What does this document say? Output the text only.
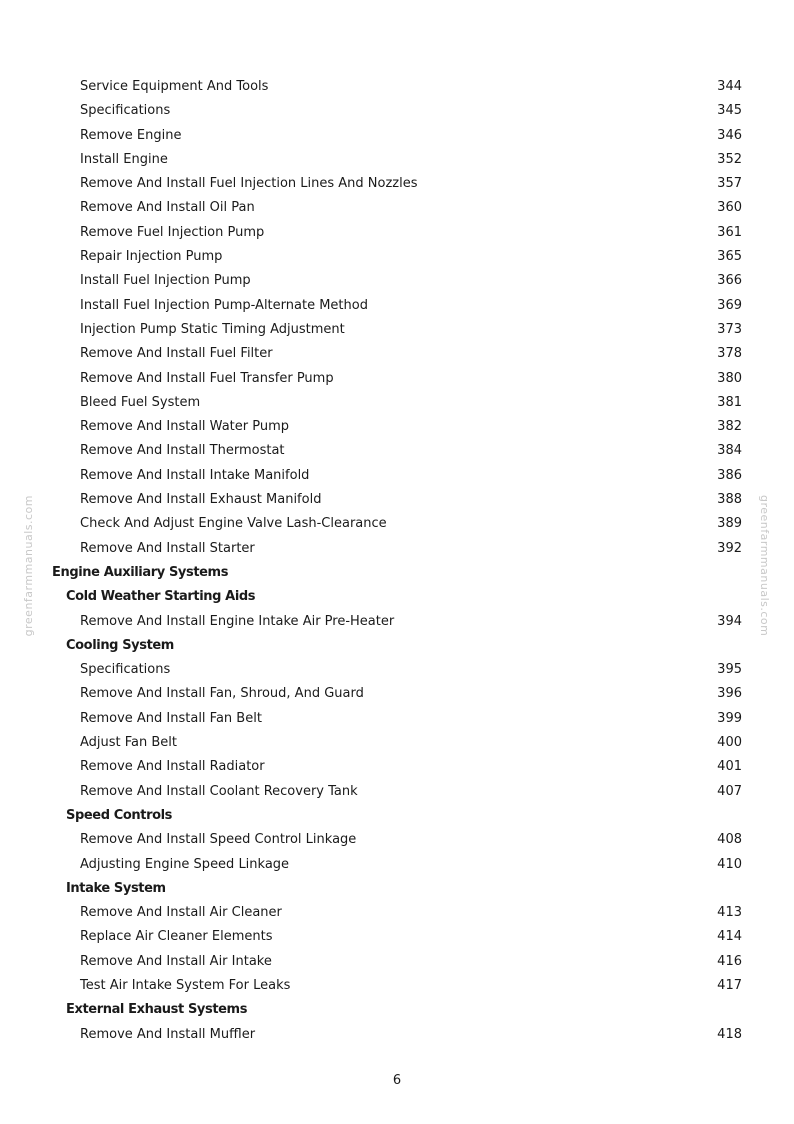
greenfarmmanuals.com	greenfarmmanuals.com
Service Equipment And Tools	344
Specifications	345
Remove Engine	346
Install Engine	352
Remove And Install Fuel Injection Lines And Nozzles	357
Remove And Install Oil Pan	360
Remove Fuel Injection Pump	361
Repair Injection Pump	365
Install Fuel Injection Pump	366
Install Fuel Injection Pump-Alternate Method	369
Injection Pump Static Timing Adjustment	373
Remove And Install Fuel Filter	378
Remove And Install Fuel Transfer Pump	380
Bleed Fuel System	381
Remove And Install Water Pump	382
Remove And Install Thermostat	384
Remove And Install Intake Manifold	386
Remove And Install Exhaust Manifold	388
Check And Adjust Engine Valve Lash-Clearance	389
Remove And Install Starter	392
Engine Auxiliary Systems
Cold Weather Starting Aids
Remove And Install Engine Intake Air Pre-Heater	394
Cooling System
Specifications	395
Remove And Install Fan, Shroud, And Guard	396
Remove And Install Fan Belt	399
Adjust Fan Belt	400
Remove And Install Radiator	401
Remove And Install Coolant Recovery Tank	407
Speed Controls
Remove And Install Speed Control Linkage	408
Adjusting Engine Speed Linkage	410
Intake System
Remove And Install Air Cleaner	413
Replace Air Cleaner Elements	414
Remove And Install Air Intake	416
Test Air Intake System For Leaks	417
External Exhaust Systems
Remove And Install Muffler	418
6
